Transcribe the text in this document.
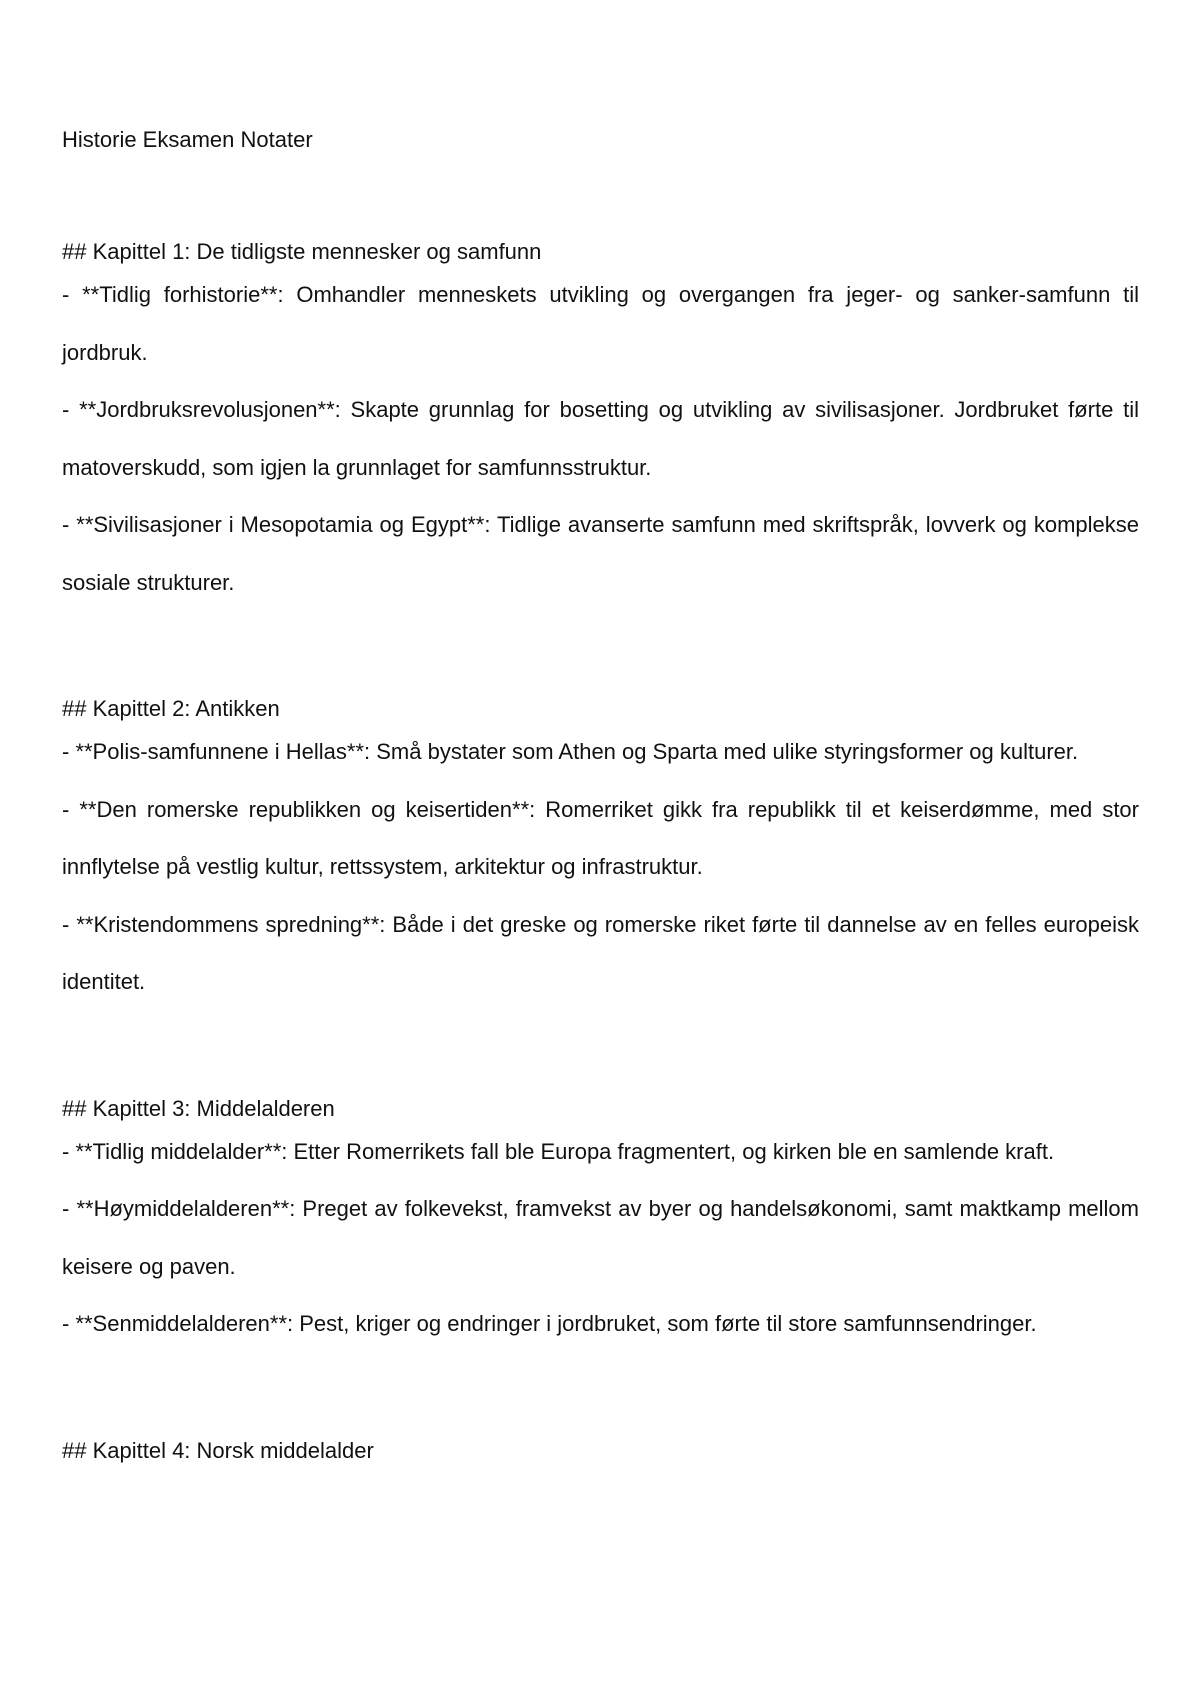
Historie Eksamen Notater
## Kapittel 1: De tidligste mennesker og samfunn

- **Tidlig forhistorie**: Omhandler menneskets utvikling og overgangen fra jeger- og sanker-samfunn til jordbruk.

- **Jordbruksrevolusjonen**: Skapte grunnlag for bosetting og utvikling av sivilisasjoner. Jordbruket førte til matoverskudd, som igjen la grunnlaget for samfunnsstruktur.

- **Sivilisasjoner i Mesopotamia og Egypt**: Tidlige avanserte samfunn med skriftspråk, lovverk og komplekse sosiale strukturer.

## Kapittel 2: Antikken

- **Polis-samfunnene i Hellas**: Små bystater som Athen og Sparta med ulike styringsformer og kulturer.

- **Den romerske republikken og keisertiden**: Romerriket gikk fra republikk til et keiserdømme, med stor innflytelse på vestlig kultur, rettssystem, arkitektur og infrastruktur.

- **Kristendommens spredning**: Både i det greske og romerske riket førte til dannelse av en felles europeisk identitet.

## Kapittel 3: Middelalderen

- **Tidlig middelalder**: Etter Romerrikets fall ble Europa fragmentert, og kirken ble en samlende kraft.

- **Høymiddelalderen**: Preget av folkevekst, framvekst av byer og handelsøkonomi, samt maktkamp mellom keisere og paven.

- **Senmiddelalderen**: Pest, kriger og endringer i jordbruket, som førte til store samfunnsendringer.

## Kapittel 4: Norsk middelalder
